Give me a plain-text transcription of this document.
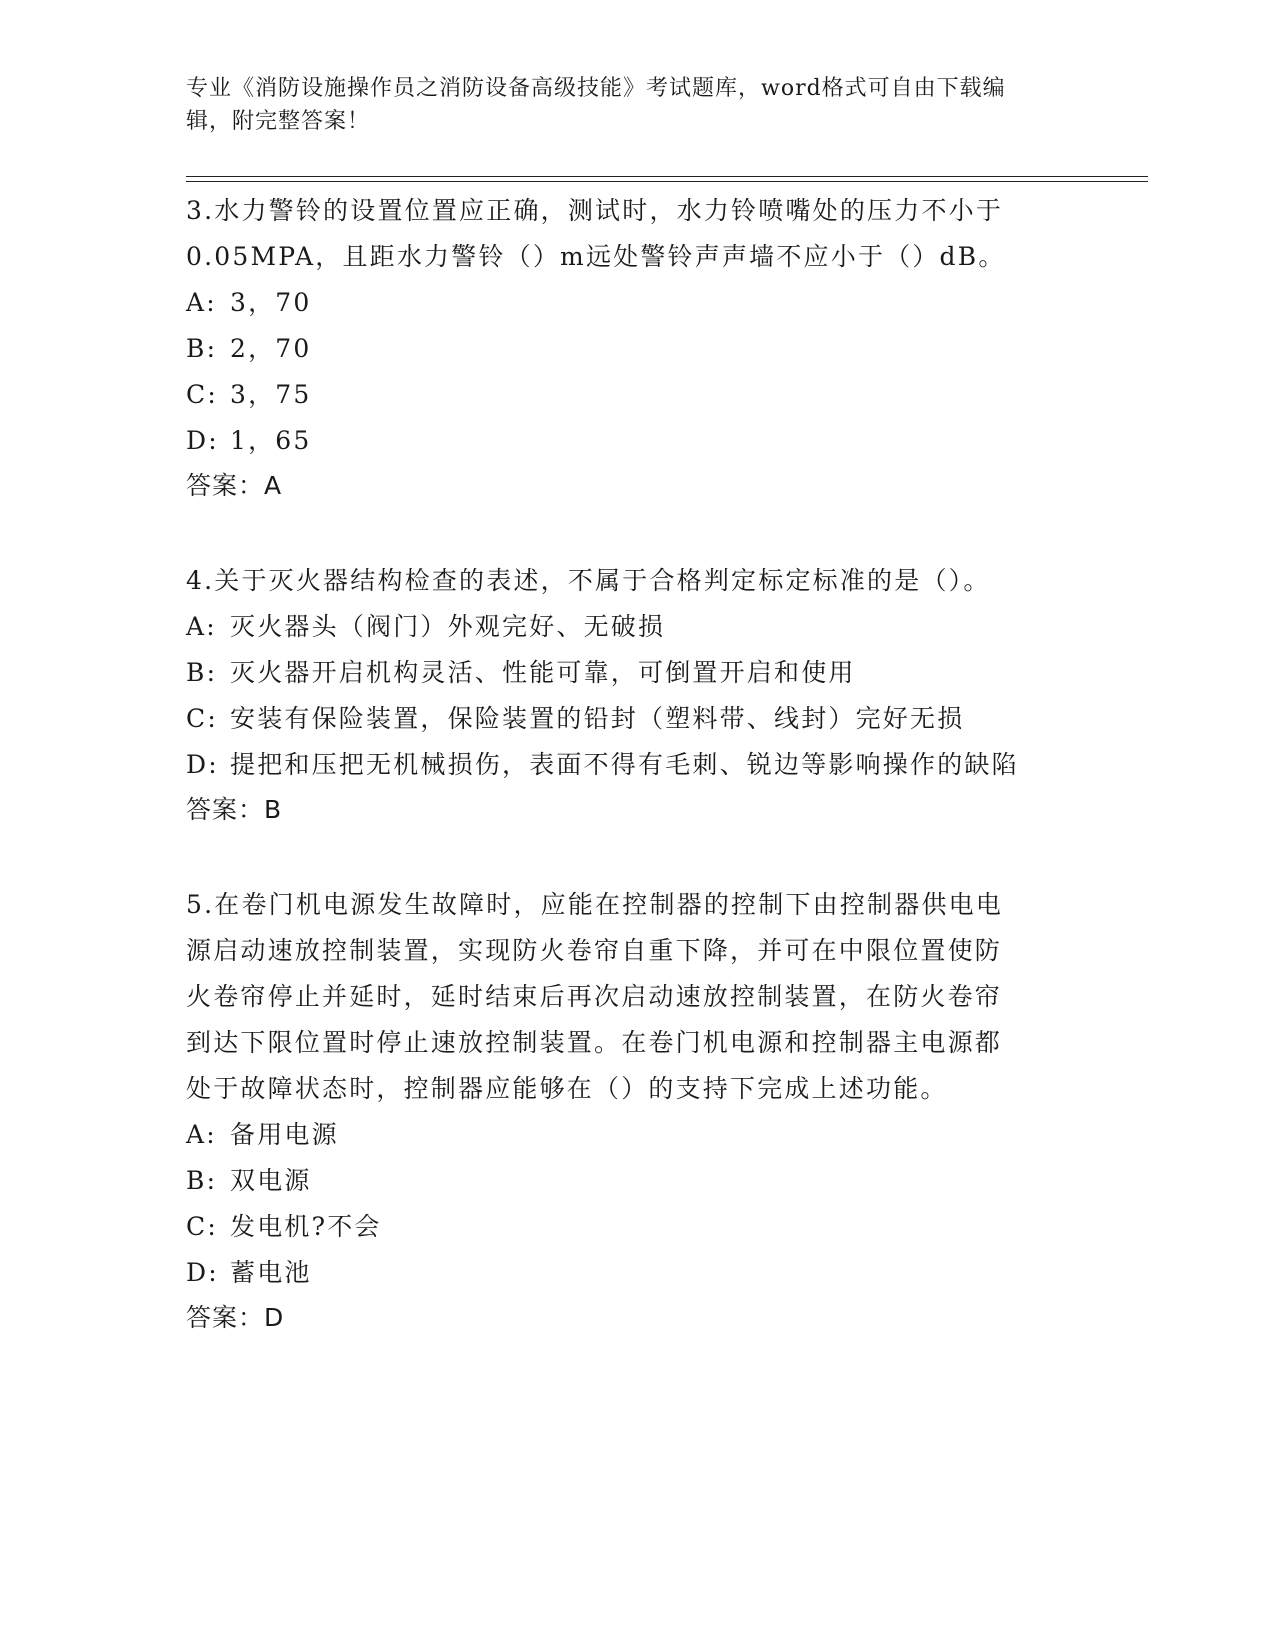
专业《消防设施操作员之消防设备高级技能》考试题库，word格式可自由下载编
辑，附完整答案！
3.水力警铃的设置位置应正确，测试时，水力铃喷嘴处的压力不小于
0.05MPA，且距水力警铃（）m远处警铃声声墙不应小于（）dB。
A: 3，70
B: 2，70
C: 3，75
D: 1，65
答案：A
4.关于灭火器结构检查的表述，不属于合格判定标定标准的是（）。
A: 灭火器头（阀门）外观完好、无破损
B: 灭火器开启机构灵活、性能可靠，可倒置开启和使用
C: 安装有保险装置，保险装置的铅封（塑料带、线封）完好无损
D: 提把和压把无机械损伤，表面不得有毛刺、锐边等影响操作的缺陷
答案：B
5.在卷门机电源发生故障时，应能在控制器的控制下由控制器供电电
源启动速放控制装置，实现防火卷帘自重下降，并可在中限位置使防
火卷帘停止并延时，延时结束后再次启动速放控制装置，在防火卷帘
到达下限位置时停止速放控制装置。在卷门机电源和控制器主电源都
处于故障状态时，控制器应能够在（）的支持下完成上述功能。
A: 备用电源
B: 双电源
C: 发电机?不会
D: 蓄电池
答案：D
